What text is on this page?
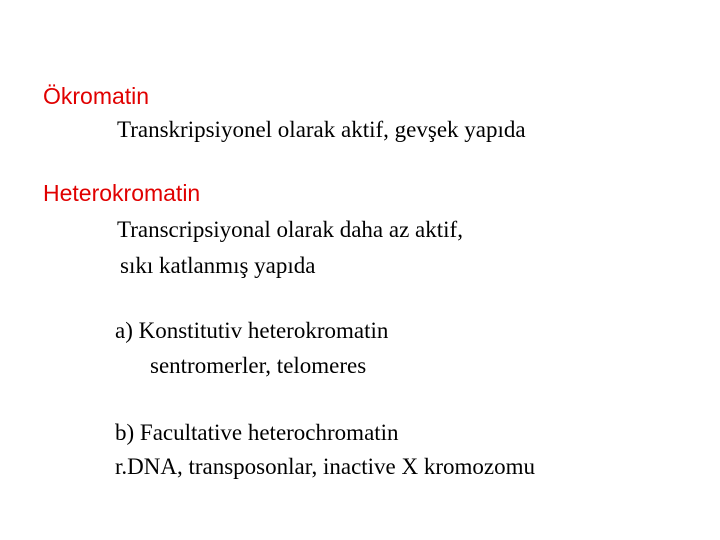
Ökromatin
Transkripsiyonel olarak aktif, gevşek yapıda
Heterokromatin
Transcripsiyonal olarak daha az aktif,
sıkı katlanmış yapıda
a) Konstitutiv heterokromatin
sentromerler, telomeres
b) Facultative heterochromatin
r.DNA, transposonlar, inactive X kromozomu
